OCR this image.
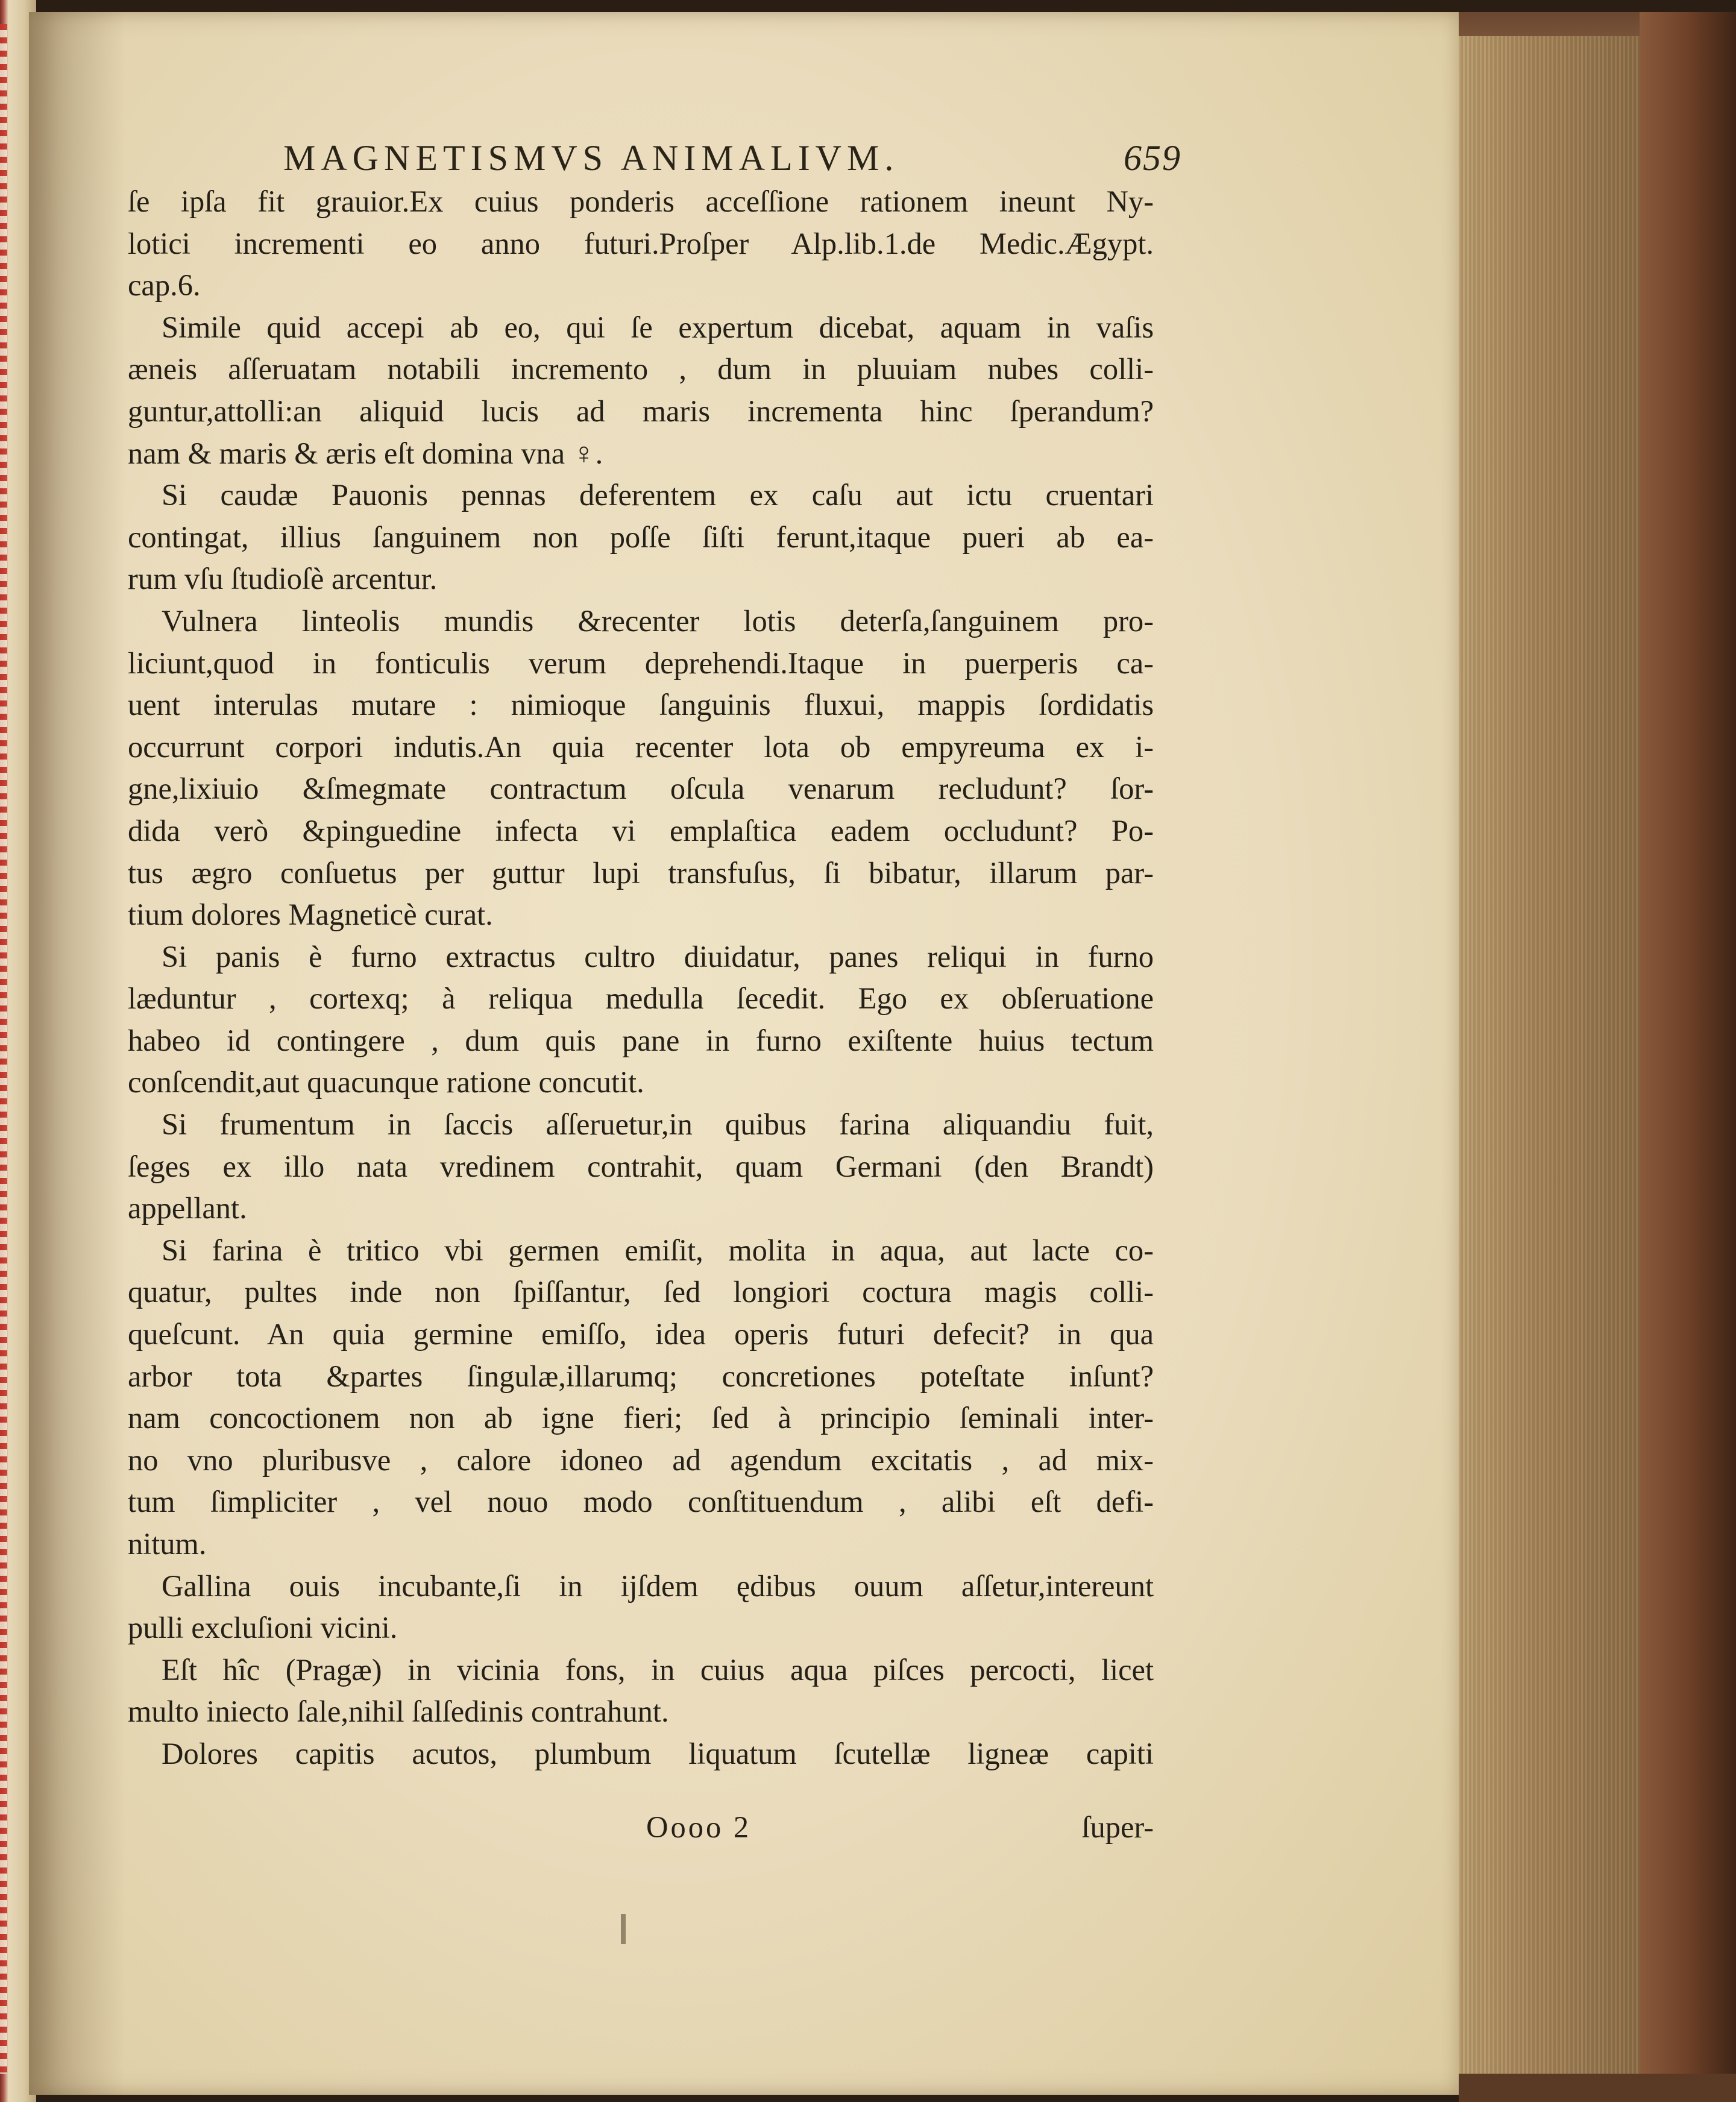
MAGNETISMVS ANIMALIVM.	659
ſe ipſa fit grauior.Ex cuius ponderis acceſſione rationem ineunt Ny-
lotici incrementi eo anno futuri.Proſper Alp.lib.1.de Medic.Ægypt.
cap.6.
Simile quid accepi ab eo, qui ſe expertum dicebat, aquam in vaſis
æneis aſſeruatam notabili incremento , dum in pluuiam nubes colli-
guntur,attolli:an aliquid lucis ad maris incrementa hinc ſperandum?
nam & maris & æris eſt domina vna ♀.
Si caudæ Pauonis pennas deferentem ex caſu aut ictu cruentari
contingat, illius ſanguinem non poſſe ſiſti ferunt,itaque pueri ab ea-
rum vſu ſtudioſè arcentur.
Vulnera linteolis mundis &recenter lotis deterſa,ſanguinem pro-
liciunt,quod in fonticulis verum deprehendi.Itaque in puerperis ca-
uent interulas mutare : nimioque ſanguinis fluxui, mappis ſordidatis
occurrunt corpori indutis.An quia recenter lota ob empyreuma ex i-
gne,lixiuio &ſmegmate contractum oſcula venarum recludunt? ſor-
dida verò &pinguedine infecta vi emplaſtica eadem occludunt? Po-
tus ægro conſuetus per guttur lupi transfuſus, ſi bibatur, illarum par-
tium dolores Magneticè curat.
Si panis è furno extractus cultro diuidatur, panes reliqui in furno
læduntur , cortexq; à reliqua medulla ſecedit. Ego ex obſeruatione
habeo id contingere , dum quis pane in furno exiſtente huius tectum
conſcendit,aut quacunque ratione concutit.
Si frumentum in ſaccis aſſeruetur,in quibus farina aliquandiu fuit,
ſeges ex illo nata vredinem contrahit, quam Germani (den Brandt)
appellant.
Si farina è tritico vbi germen emiſit, molita in aqua, aut lacte co-
quatur, pultes inde non ſpiſſantur, ſed longiori coctura magis colli-
queſcunt. An quia germine emiſſo, idea operis futuri defecit? in qua
arbor tota &partes ſingulæ,illarumq; concretiones poteſtate inſunt?
nam concoctionem non ab igne fieri; ſed à principio ſeminali inter-
no vno pluribusve , calore idoneo ad agendum excitatis , ad mix-
tum ſimpliciter , vel nouo modo conſtituendum , alibi eſt defi-
nitum.
Gallina ouis incubante,ſi in ijſdem ędibus ouum aſſetur,intereunt
pulli excluſioni vicini.
Eſt hîc (Pragæ) in vicinia fons, in cuius aqua piſces percocti, licet
multo iniecto ſale,nihil ſalſedinis contrahunt.
Dolores capitis acutos, plumbum liquatum ſcutellæ ligneæ capiti
Oooo 2	ſuper-
